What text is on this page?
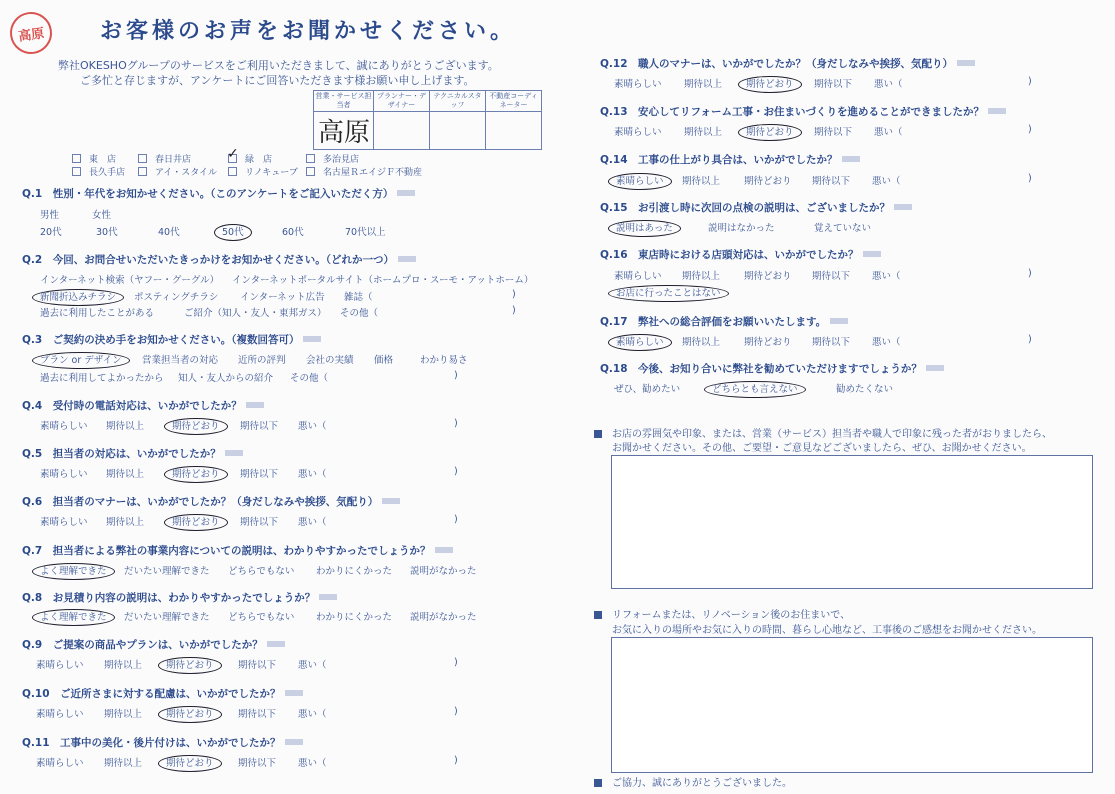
高原	お客様のお声をお聞かせください。
弊社OKESHOグループのサービスをご利用いただきまして、誠にありがとうございます。
ご多忙と存じますが、アンケートにご回答いただきます様お願い申し上げます。
営業・サービス担当者	プランナー・デザイナー	テクニカルスタッフ	不動産コーディネーター
高原			
東　店	春日井店	✓ 緑　店	多治見店
長久手店	アイ・スタイル	リノキューブ	名古屋ＲエイジＦ不動産
Q.1　性別・年代をお知かせください。（このアンケートをご記入いただく方）
男性	女性
20代	30代	40代	50代	60代	70代以上
Q.2　今回、お問合せいただいたきっかけをお知かせください。（どれか一つ）
インターネット検索（ヤフー・グーグル） インターネットポータルサイト（ホームプロ・スーモ・アットホーム）
新聞折込みチラシ	ポスティングチラシ インターネット広告 雑誌（	)
過去に利用したことがある	ご紹介（知人・友人・東邦ガス） その他（	)
Q.3　ご契約の決め手をお知かせください。（複数回答可）
プラン or デザイン	営業担当者の対応 近所の評判 会社の実績 価格	わかり易さ
過去に利用してよかったから 知人・友人からの紹介 その他（	)
Q.4　受付時の電話対応は、いかがでしたか？
素晴らしい 期待以上	期待どおり	期待以下 悪い（	)
Q.5　担当者の対応は、いかがでしたか？
素晴らしい 期待以上	期待どおり	期待以下 悪い（	)
Q.6　担当者のマナーは、いかがでしたか？（身だしなみや挨拶、気配り）
素晴らしい 期待以上	期待どおり	期待以下 悪い（	)
Q.7　担当者による弊社の事業内容についての説明は、わかりやすかったでしょうか？
よく理解できた	だいたい理解できた どちらでもない わかりにくかった 説明がなかった
Q.8　お見積り内容の説明は、わかりやすかったでしょうか？
よく理解できた	だいたい理解できた どちらでもない わかりにくかった 説明がなかった
Q.9　ご提案の商品やプランは、いかがでしたか？
素晴らしい 期待以上	期待どおり	期待以下 悪い（	)
Q.10　ご近所さまに対する配慮は、いかがでしたか？
素晴らしい 期待以上	期待どおり	期待以下 悪い（	)
Q.11　工事中の美化・後片付けは、いかがでしたか？
素晴らしい 期待以上	期待どおり	期待以下 悪い（	)
Q.12　職人のマナーは、いかがでしたか？（身だしなみや挨拶、気配り）
素晴らしい 期待以上	期待どおり	期待以下 悪い（	)
Q.13　安心してリフォーム工事・お住まいづくりを進めることができましたか？
素晴らしい 期待以上	期待どおり	期待以下 悪い（	)
Q.14　工事の仕上がり具合は、いかがでしたか？
素晴らしい	期待以上	期待どおり 期待以下 悪い（	)
Q.15　お引渡し時に次回の点検の説明は、ございましたか？
説明はあった	説明はなかった	覚えていない
Q.16　東店時における店頭対応は、いかがでしたか？
素晴らしい 期待以上	期待どおり 期待以下 悪い（	)
お店に行ったことはない
Q.17　弊社への総合評価をお願いいたします。
素晴らしい	期待以上	期待どおり 期待以下 悪い（	)
Q.18　今後、お知り合いに弊社を勧めていただけますでしょうか？
ぜひ、勧めたい	どちらとも言えない	勧めたくない
お店の雰囲気や印象、または、営業（サービス）担当者や職人で印象に残った者がおりましたら、
お聞かせください。その他、ご要望・ご意見などございましたら、ぜひ、お聞かせください。
リフォームまたは、リノベーション後のお住まいで、
お気に入りの場所やお気に入りの時間、暮らし心地など、工事後のご感想をお聞かせください。
ご協力、誠にありがとうございました。
